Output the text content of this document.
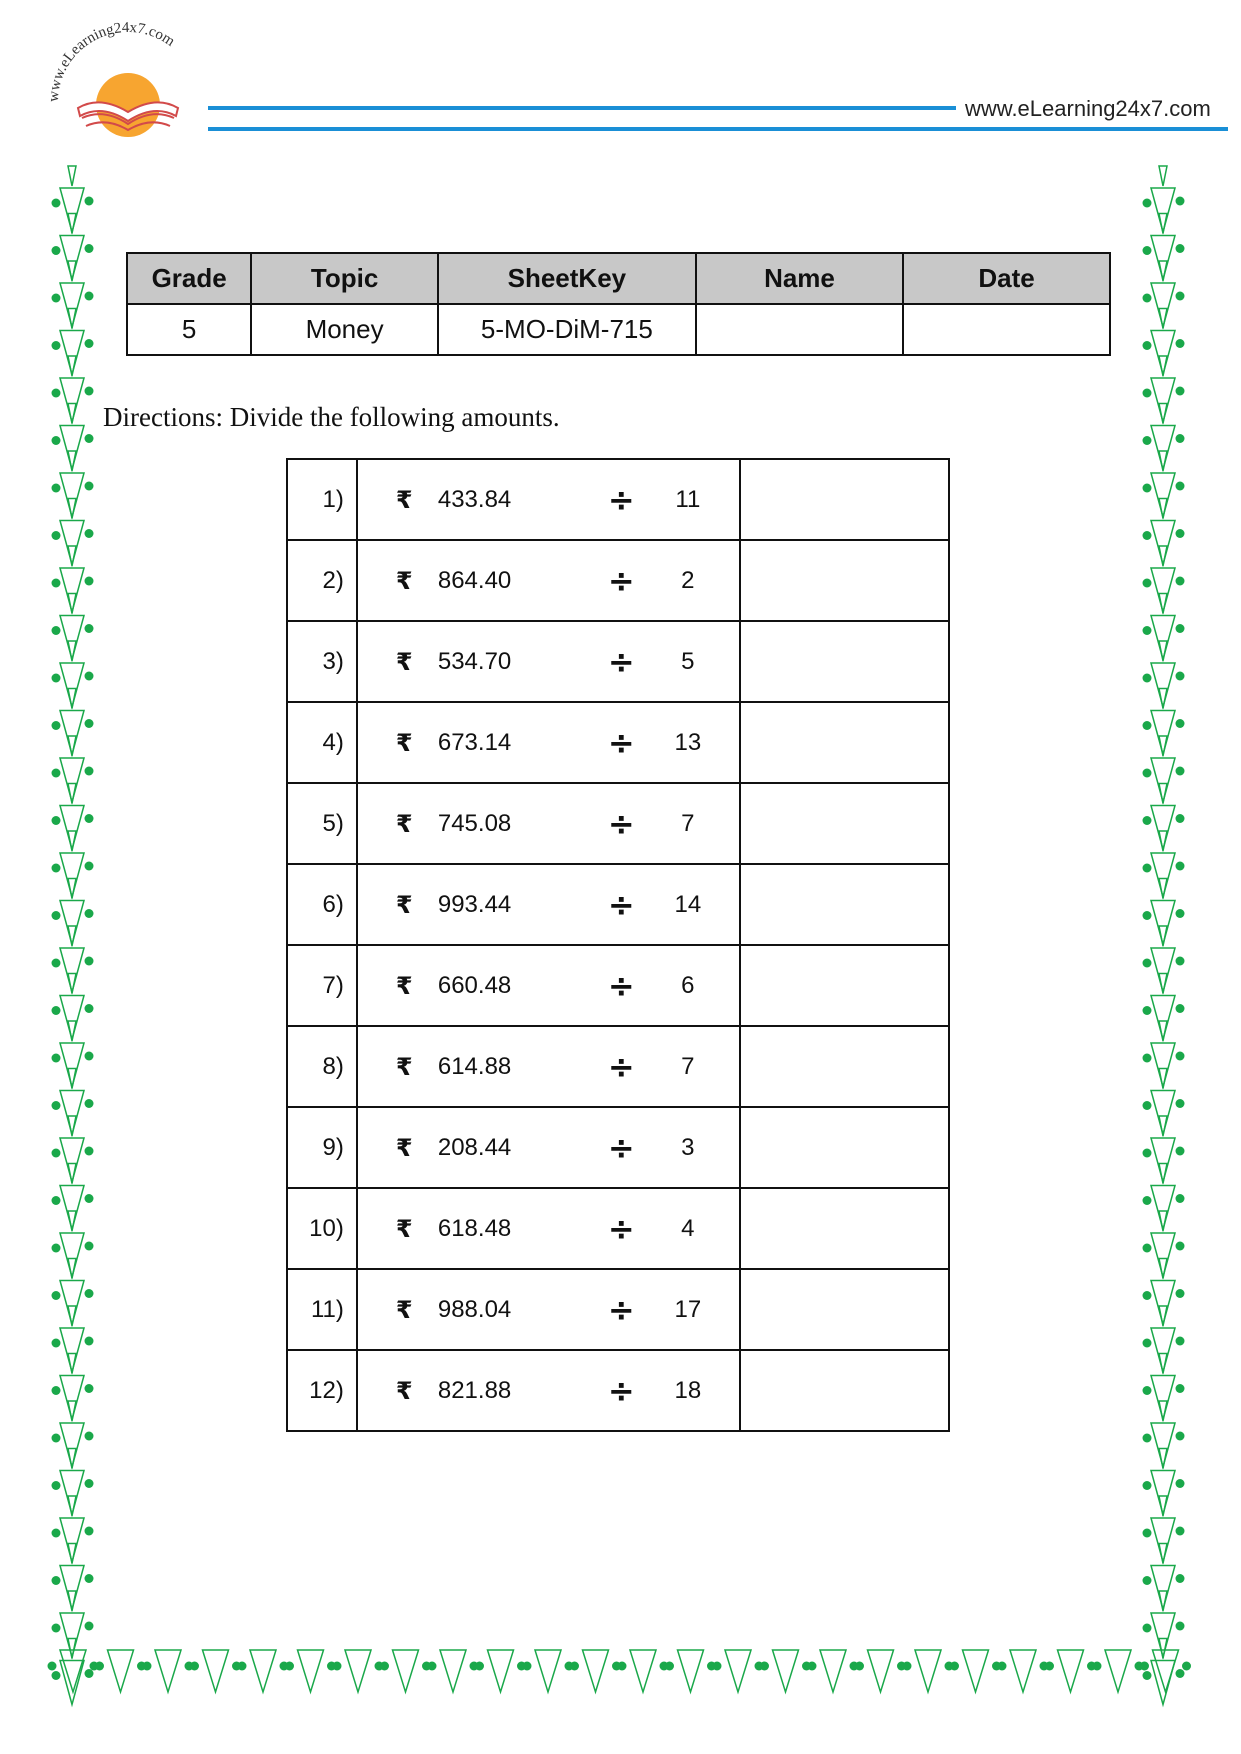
www.eLearning24x7.com
www.eLearning24x7.com
Grade	Topic	SheetKey	Name	Date
5	Money	5-MO-DiM-715		
Directions: Divide the following amounts.
1)	₹ 433.84 ÷ 11	

2)	₹ 864.40 ÷ 2	

3)	₹ 534.70 ÷ 5	

4)	₹ 673.14 ÷ 13	

5)	₹ 745.08 ÷ 7	

6)	₹ 993.44 ÷ 14	

7)	₹ 660.48 ÷ 6	

8)	₹ 614.88 ÷ 7	

9)	₹ 208.44 ÷ 3	

10)	₹ 618.48 ÷ 4	

11)	₹ 988.04 ÷ 17	

12)	₹ 821.88 ÷ 18	
